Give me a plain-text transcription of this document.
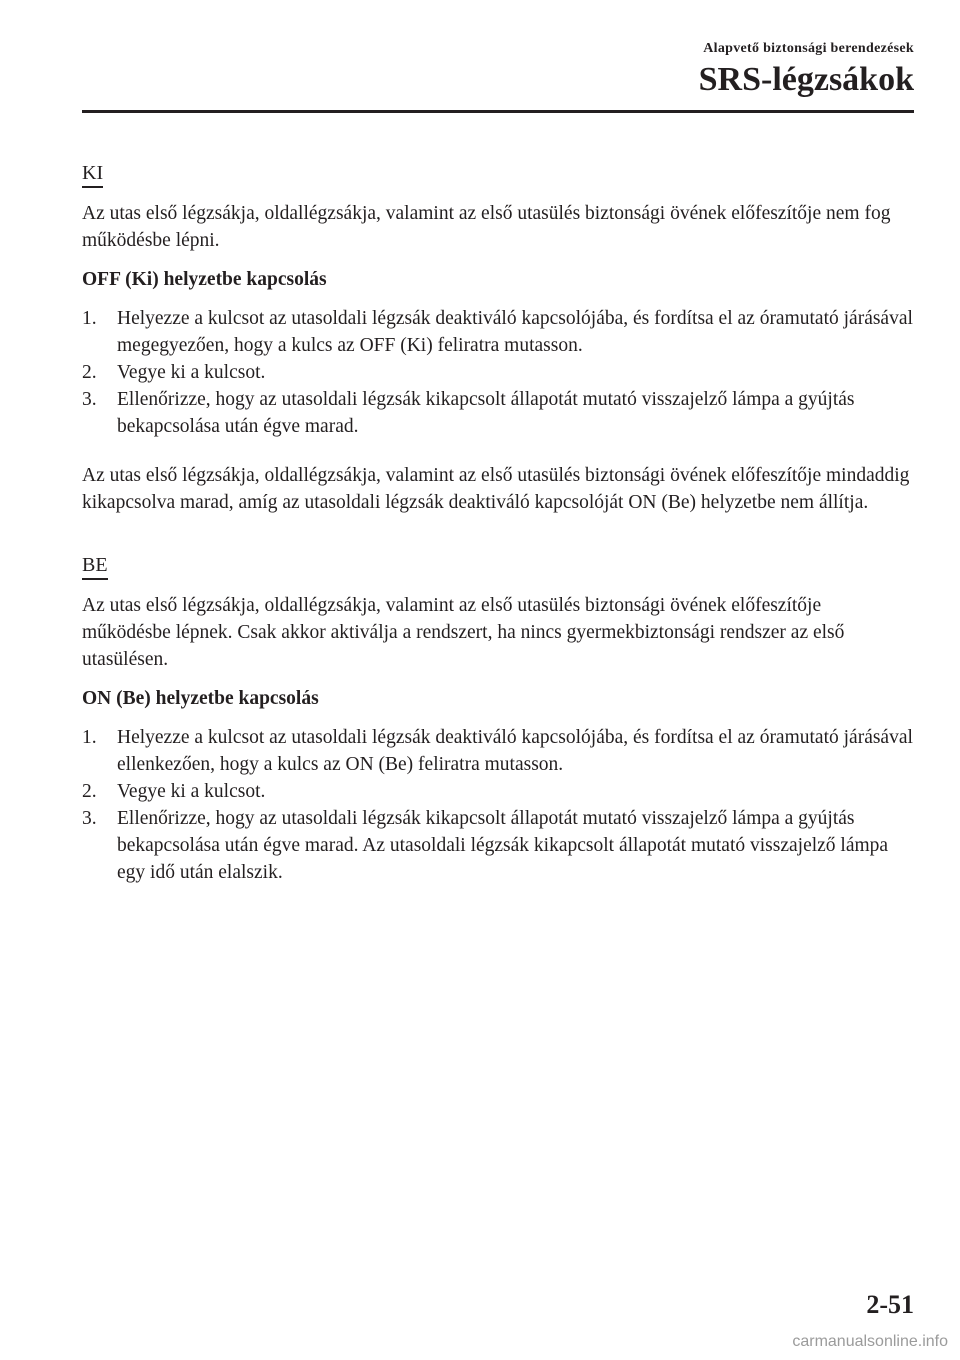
Alapvető biztonsági berendezések
SRS-légzsákok
KI

Az utas első légzsákja, oldallégzsákja, valamint az első utasülés biztonsági övének előfeszítője nem fog működésbe lépni.

OFF (Ki) helyzetbe kapcsolás
1. Helyezze a kulcsot az utasoldali légzsák deaktiváló kapcsolójába, és fordítsa el az óramutató járásával megegyezően, hogy a kulcs az OFF (Ki) feliratra mutasson.
2. Vegye ki a kulcsot.
3. Ellenőrizze, hogy az utasoldali légzsák kikapcsolt állapotát mutató visszajelző lámpa a gyújtás bekapcsolása után égve marad.

Az utas első légzsákja, oldallégzsákja, valamint az első utasülés biztonsági övének előfeszítője mindaddig kikapcsolva marad, amíg az utasoldali légzsák deaktiváló kapcsolóját ON (Be) helyzetbe nem állítja.

BE

Az utas első légzsákja, oldallégzsákja, valamint az első utasülés biztonsági övének előfeszítője működésbe lépnek. Csak akkor aktiválja a rendszert, ha nincs gyermekbiztonsági rendszer az első utasülésen.

ON (Be) helyzetbe kapcsolás
1. Helyezze a kulcsot az utasoldali légzsák deaktiváló kapcsolójába, és fordítsa el az óramutató járásával ellenkezően, hogy a kulcs az ON (Be) feliratra mutasson.
2. Vegye ki a kulcsot.
3. Ellenőrizze, hogy az utasoldali légzsák kikapcsolt állapotát mutató visszajelző lámpa a gyújtás bekapcsolása után égve marad. Az utasoldali légzsák kikapcsolt állapotát mutató visszajelző lámpa egy idő után elalszik.
2-51
carmanualsonline.info
